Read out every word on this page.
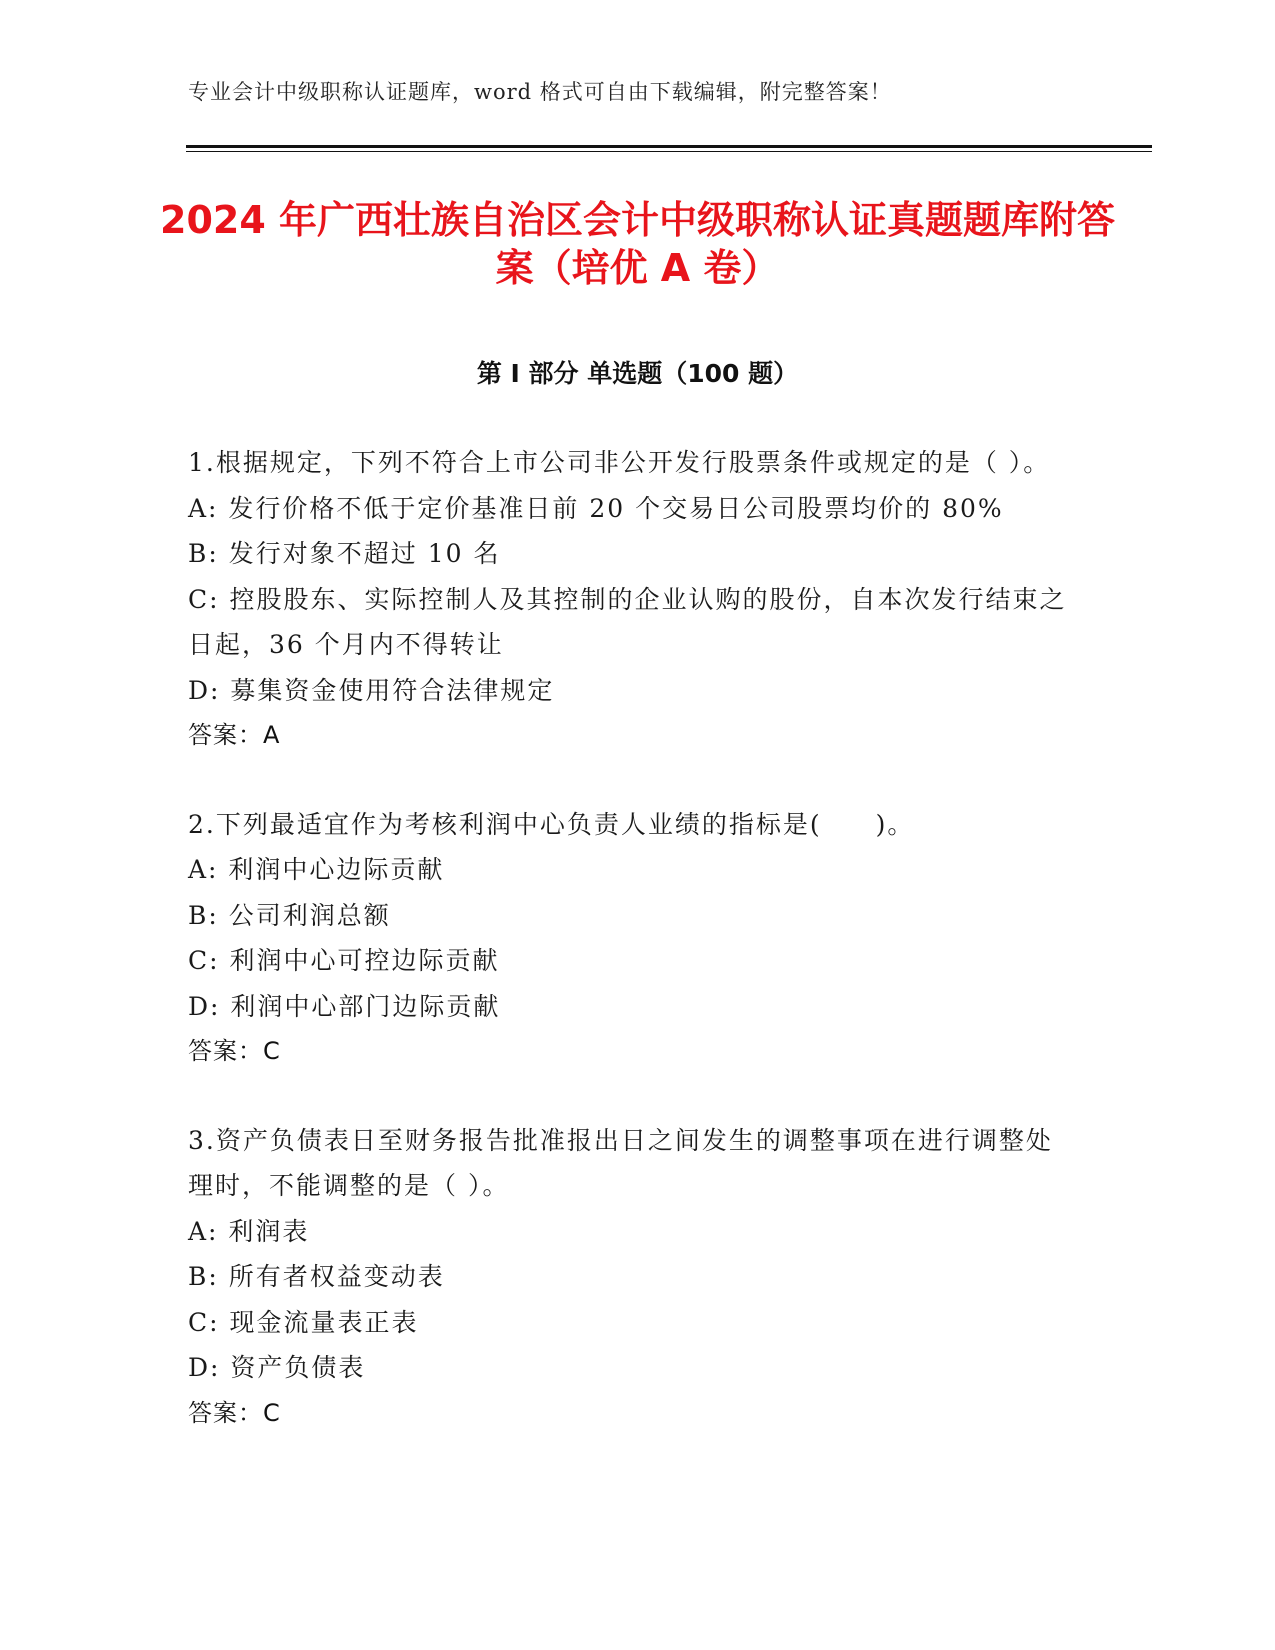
专业会计中级职称认证题库，word 格式可自由下载编辑，附完整答案！
2024 年广西壮族自治区会计中级职称认证真题题库附答案（培优 A 卷）
第 I 部分 单选题（100 题）
1.根据规定，下列不符合上市公司非公开发行股票条件或规定的是（ ）。
A: 发行价格不低于定价基准日前 20 个交易日公司股票均价的 80%
B: 发行对象不超过 10 名
C: 控股股东、实际控制人及其控制的企业认购的股份，自本次发行结束之日起，36 个月内不得转让
D: 募集资金使用符合法律规定
答案：A
2.下列最适宜作为考核利润中心负责人业绩的指标是(　　)。
A: 利润中心边际贡献
B: 公司利润总额
C: 利润中心可控边际贡献
D: 利润中心部门边际贡献
答案：C
3.资产负债表日至财务报告批准报出日之间发生的调整事项在进行调整处理时，不能调整的是（ ）。
A: 利润表
B: 所有者权益变动表
C: 现金流量表正表
D: 资产负债表
答案：C
